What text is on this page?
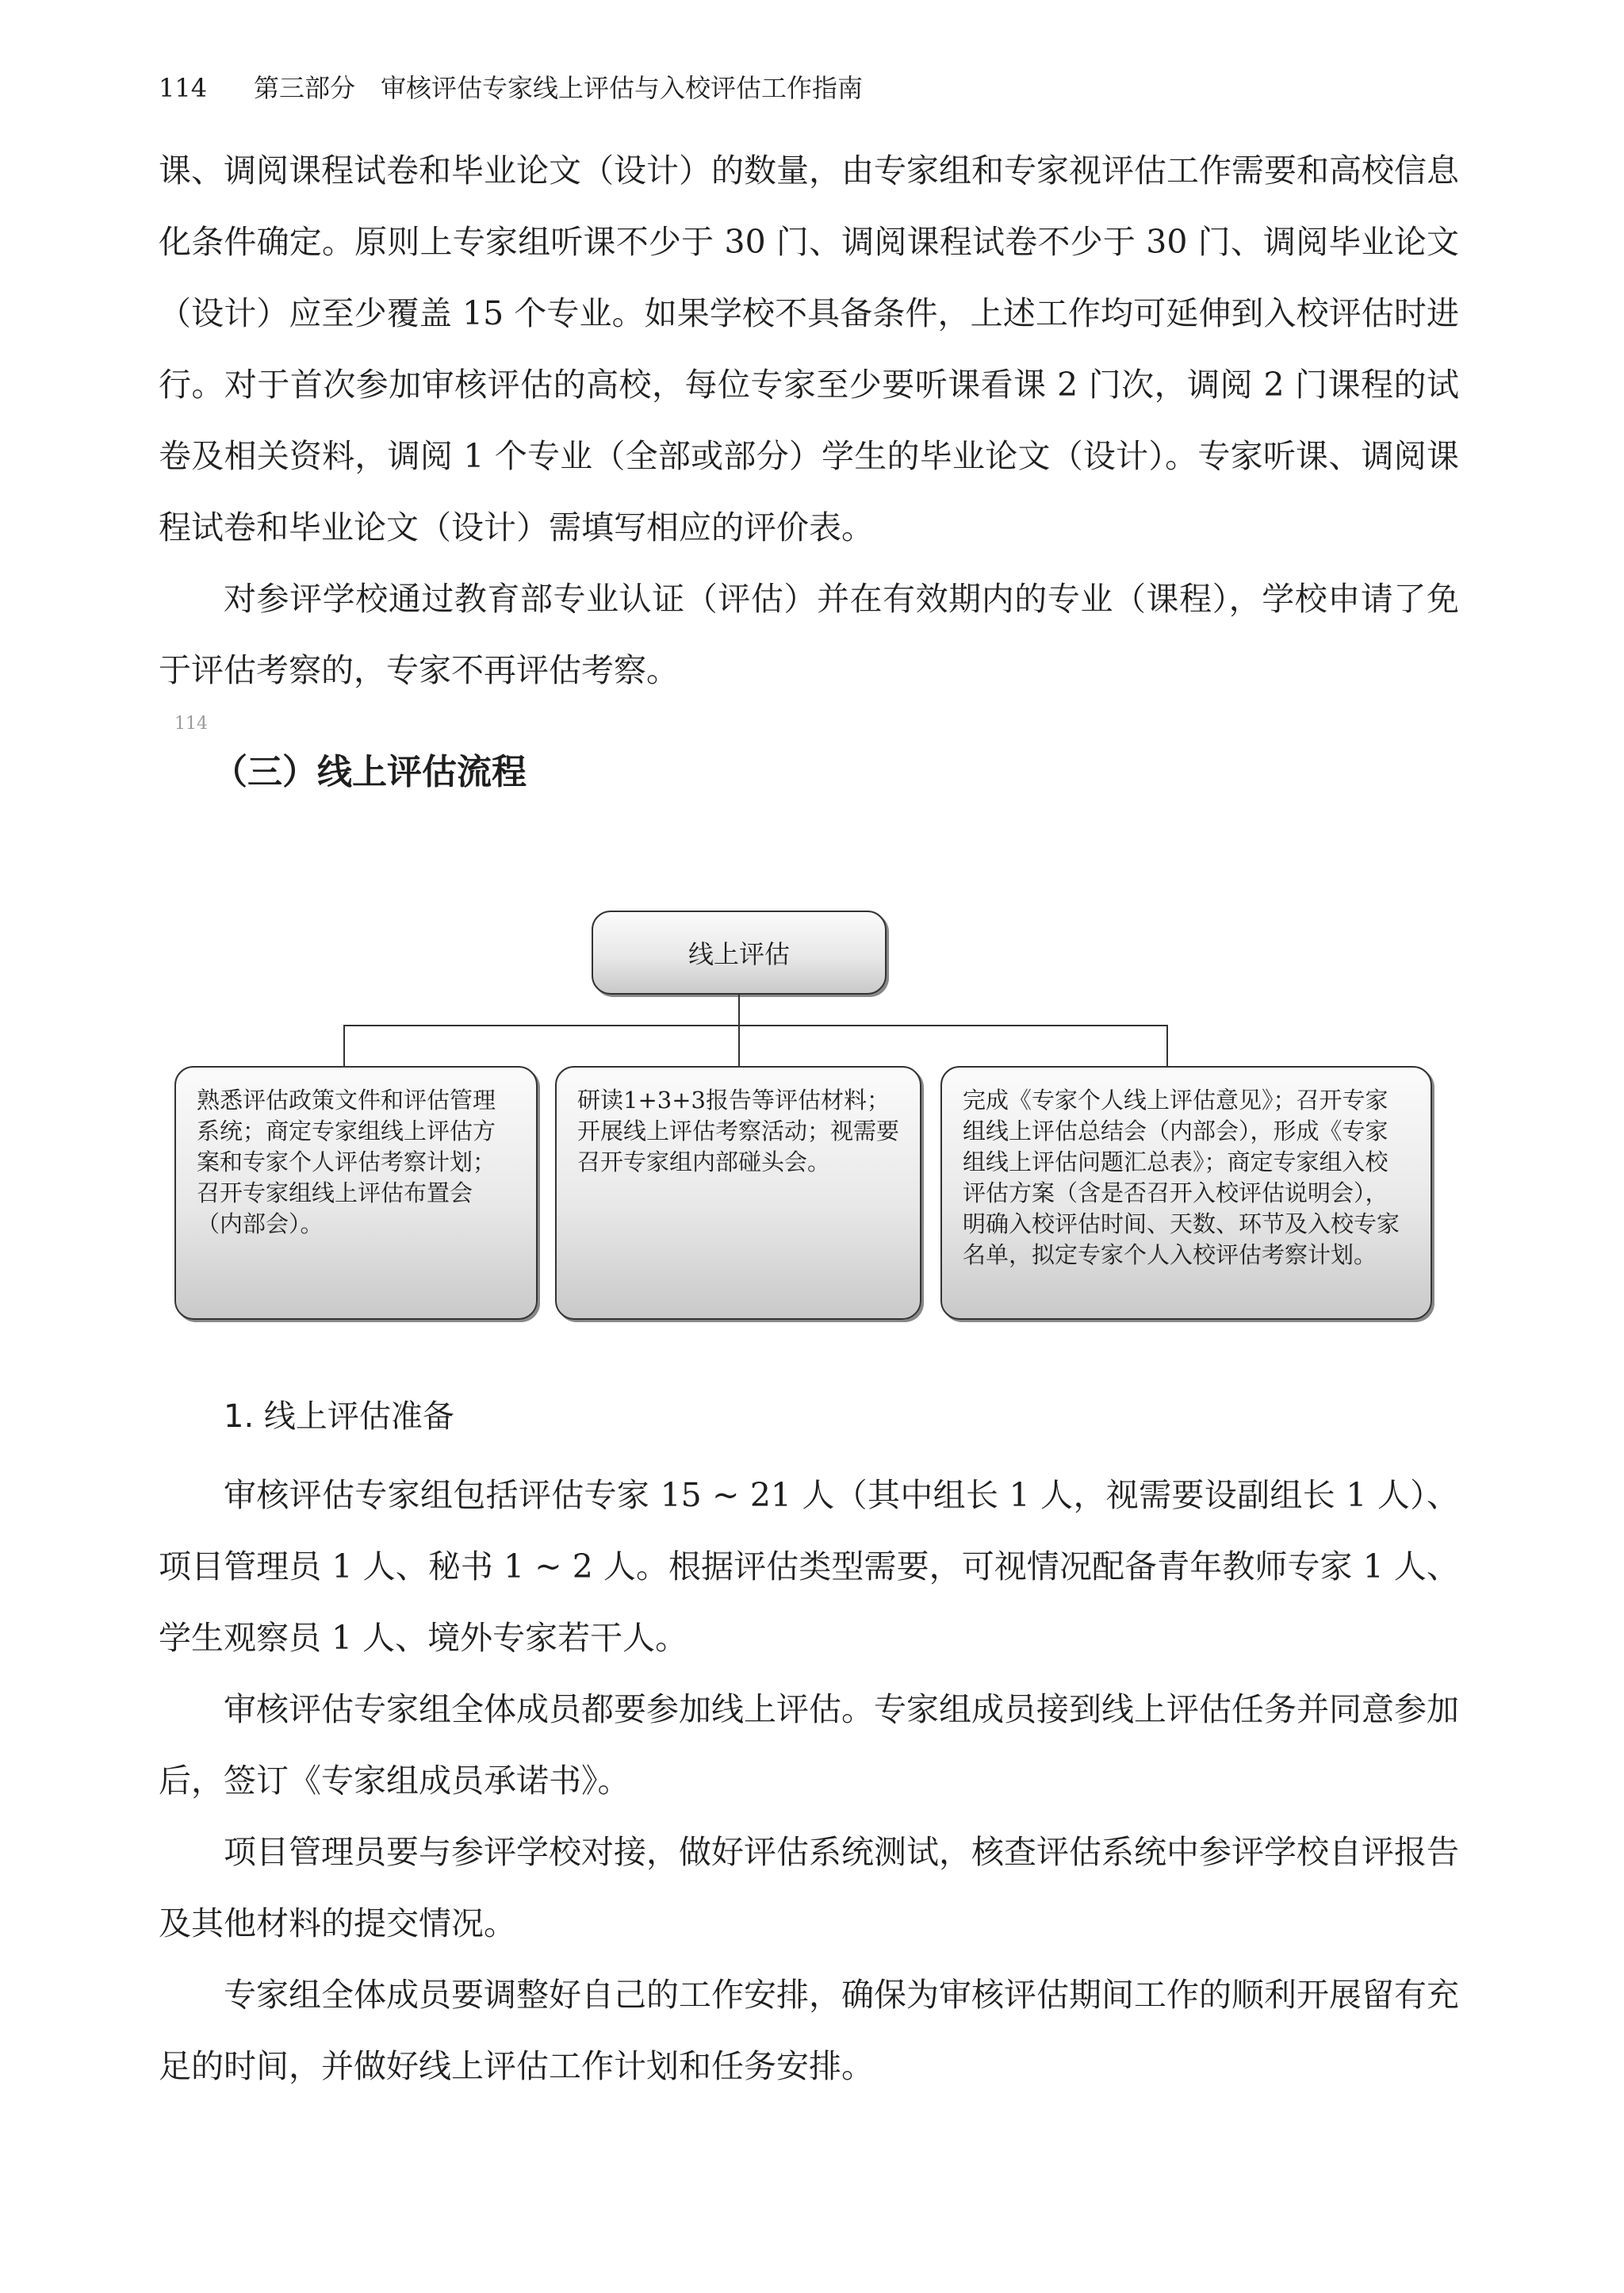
114 第三部分　审核评估专家线上评估与入校评估工作指南

课、调阅课程试卷和毕业论文（设计）的数量，由专家组和专家视评估工作需要和高校信息化条件确定。原则上专家组听课不少于 30 门、调阅课程试卷不少于 30 门、调阅毕业论文（设计）应至少覆盖 15 个专业。如果学校不具备条件，上述工作均可延伸到入校评估时进行。对于首次参加审核评估的高校，每位专家至少要听课看课 2 门次，调阅 2 门课程的试卷及相关资料，调阅 1 个专业（全部或部分）学生的毕业论文（设计）。专家听课、调阅课程试卷和毕业论文（设计）需填写相应的评价表。

对参评学校通过教育部专业认证（评估）并在有效期内的专业（课程），学校申请了免于评估考察的，专家不再评估考察。

114
（三）线上评估流程
线上评估
熟悉评估政策文件和评估管理系统；商定专家组线上评估方案和专家个人评估考察计划；召开专家组线上评估布置会（内部会）。
研读1+3+3报告等评估材料；开展线上评估考察活动；视需要召开专家组内部碰头会。
完成《专家个人线上评估意见》；召开专家组线上评估总结会（内部会），形成《专家组线上评估问题汇总表》；商定专家组入校评估方案（含是否召开入校评估说明会），明确入校评估时间、天数、环节及入校专家名单，拟定专家个人入校评估考察计划。
1. 线上评估准备

审核评估专家组包括评估专家 15 ~ 21 人（其中组长 1 人，视需要设副组长 1 人）、项目管理员 1 人、秘书 1 ~ 2 人。根据评估类型需要，可视情况配备青年教师专家 1 人、学生观察员 1 人、境外专家若干人。

审核评估专家组全体成员都要参加线上评估。专家组成员接到线上评估任务并同意参加后，签订《专家组成员承诺书》。

项目管理员要与参评学校对接，做好评估系统测试，核查评估系统中参评学校自评报告及其他材料的提交情况。

专家组全体成员要调整好自己的工作安排，确保为审核评估期间工作的顺利开展留有充足的时间，并做好线上评估工作计划和任务安排。
